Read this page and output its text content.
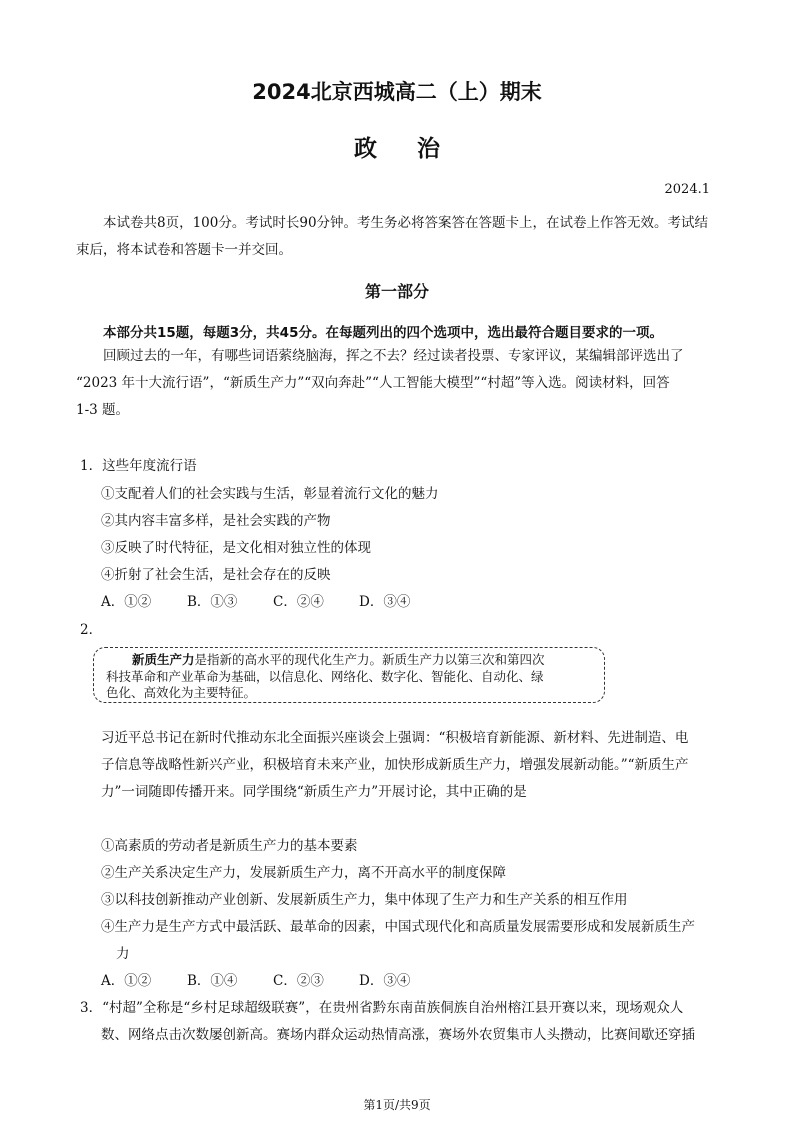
2024北京西城高二（上）期末
政治
2024.1
本试卷共8页，100分。考试时长90分钟。考生务必将答案答在答题卡上，在试卷上作答无效。考试结
束后，将本试卷和答题卡一并交回。
第一部分
本部分共15题，每题3分，共45分。在每题列出的四个选项中，选出最符合题目要求的一项。
回顾过去的一年，有哪些词语萦绕脑海，挥之不去？经过读者投票、专家评议，某编辑部评选出了
“2023 年十大流行语”，“新质生产力”“双向奔赴”“人工智能大模型”“村超”等入选。阅读材料，回答
1-3 题。
1．这些年度流行语
①支配着人们的社会实践与生活，彰显着流行文化的魅力
②其内容丰富多样，是社会实践的产物
③反映了时代特征，是文化相对独立性的体现
④折射了社会生活，是社会存在的反映
A．①②	B．①③	C．②④	D．③④
2．
新质生产力是指新的高水平的现代化生产力。新质生产力以第三次和第四次
科技革命和产业革命为基础，以信息化、网络化、数字化、智能化、自动化、绿
色化、高效化为主要特征。
习近平总书记在新时代推动东北全面振兴座谈会上强调：“积极培育新能源、新材料、先进制造、电
子信息等战略性新兴产业，积极培育未来产业，加快形成新质生产力，增强发展新动能。”“新质生产
力”一词随即传播开来。同学围绕“新质生产力”开展讨论，其中正确的是
①高素质的劳动者是新质生产力的基本要素
②生产关系决定生产力，发展新质生产力，离不开高水平的制度保障
③以科技创新推动产业创新、发展新质生产力，集中体现了生产力和生产关系的相互作用
④生产力是生产方式中最活跃、最革命的因素，中国式现代化和高质量发展需要形成和发展新质生产
力
A．①②	B．①④	C．②③	D．③④
3．“村超”全称是“乡村足球超级联赛”，在贵州省黔东南苗族侗族自治州榕江县开赛以来，现场观众人
数、网络点击次数屡创新高。赛场内群众运动热情高涨，赛场外农贸集市人头攒动，比赛间歇还穿插
第1页/共9页
